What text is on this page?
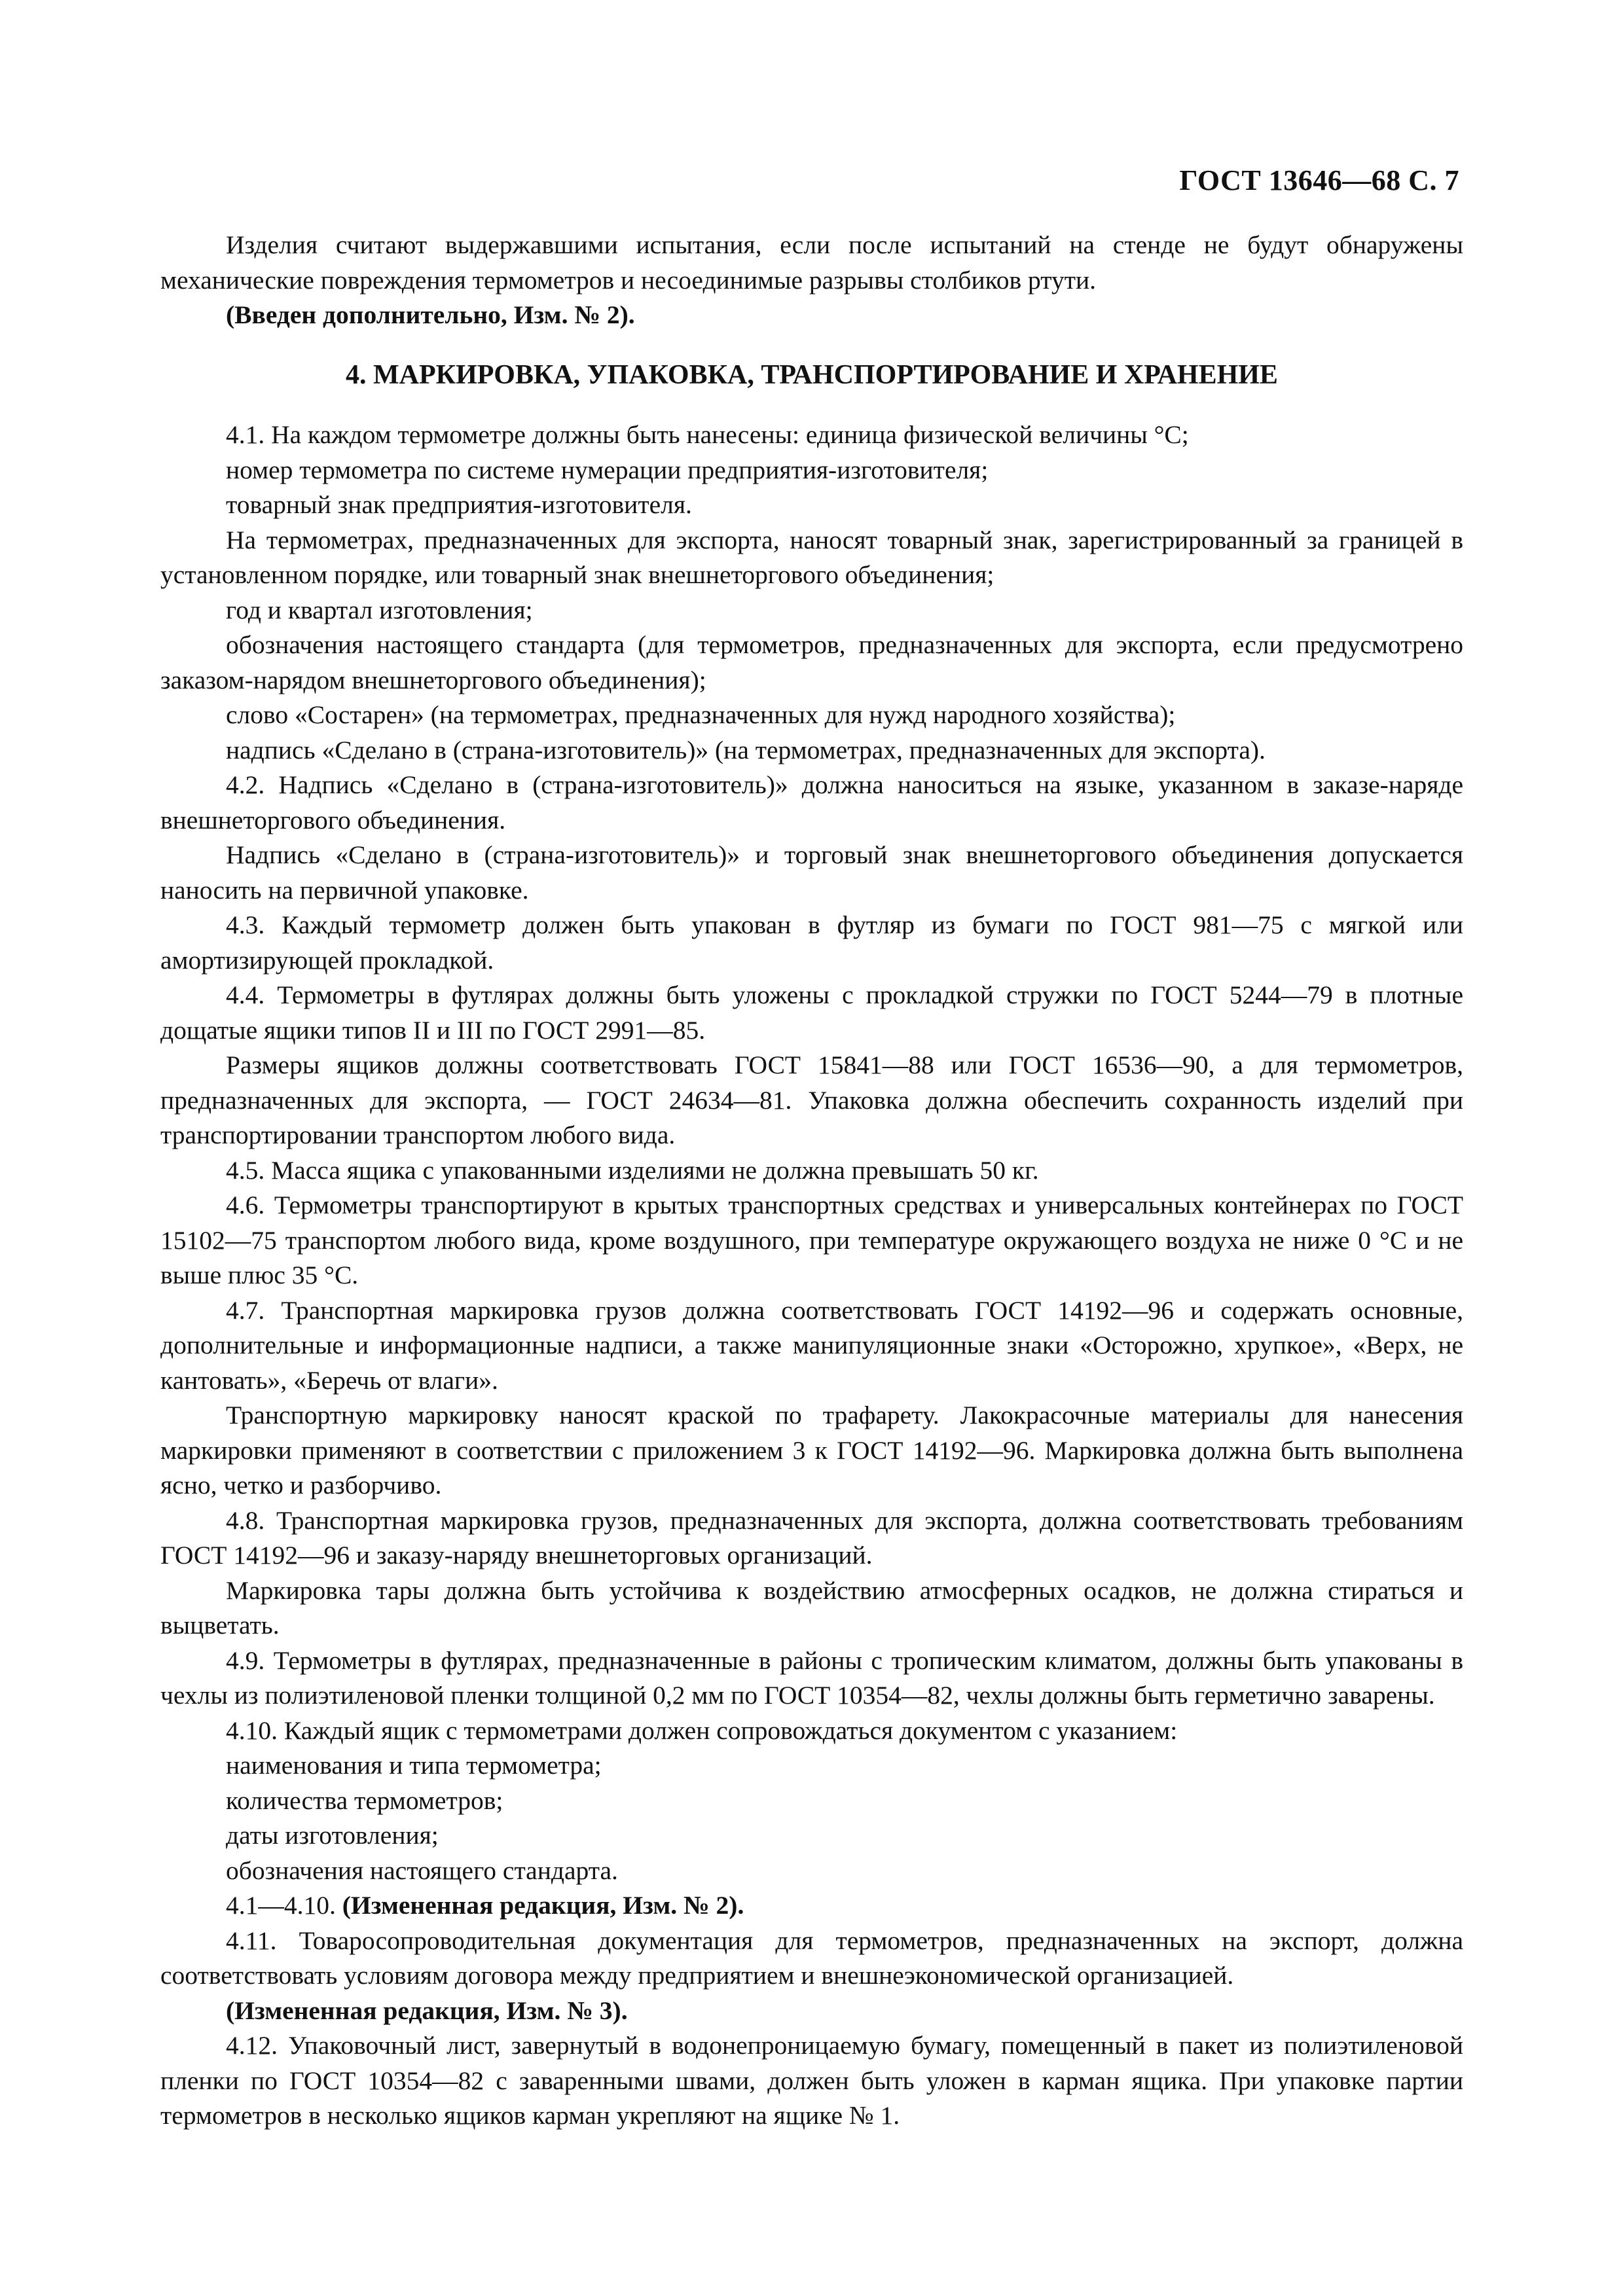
ГОСТ 13646—68 С. 7

Изделия считают выдержавшими испытания, если после испытаний на стенде не будут обнаружены механические повреждения термометров и несоединимые разрывы столбиков ртути.

(Введен дополнительно, Изм. № 2).

4. МАРКИРОВКА, УПАКОВКА, ТРАНСПОРТИРОВАНИЕ И ХРАНЕНИЕ

4.1. На каждом термометре должны быть нанесены: единица физической величины °С;

номер термометра по системе нумерации предприятия-изготовителя;

товарный знак предприятия-изготовителя.

На термометрах, предназначенных для экспорта, наносят товарный знак, зарегистрированный за границей в установленном порядке, или товарный знак внешнеторгового объединения;

год и квартал изготовления;

обозначения настоящего стандарта (для термометров, предназначенных для экспорта, если предусмотрено заказом-нарядом внешнеторгового объединения);

слово «Состарен» (на термометрах, предназначенных для нужд народного хозяйства);

надпись «Сделано в (страна-изготовитель)» (на термометрах, предназначенных для экспорта).

4.2. Надпись «Сделано в (страна-изготовитель)» должна наноситься на языке, указанном в заказе-наряде внешнеторгового объединения.

Надпись «Сделано в (страна-изготовитель)» и торговый знак внешнеторгового объединения допускается наносить на первичной упаковке.

4.3. Каждый термометр должен быть упакован в футляр из бумаги по ГОСТ 981—75 с мягкой или амортизирующей прокладкой.

4.4. Термометры в футлярах должны быть уложены с прокладкой стружки по ГОСТ 5244—79 в плотные дощатые ящики типов II и III по ГОСТ 2991—85.

Размеры ящиков должны соответствовать ГОСТ 15841—88 или ГОСТ 16536—90, а для термометров, предназначенных для экспорта, — ГОСТ 24634—81. Упаковка должна обеспечить сохранность изделий при транспортировании транспортом любого вида.

4.5. Масса ящика с упакованными изделиями не должна превышать 50 кг.

4.6. Термометры транспортируют в крытых транспортных средствах и универсальных контейнерах по ГОСТ 15102—75 транспортом любого вида, кроме воздушного, при температуре окружающего воздуха не ниже 0 °С и не выше плюс 35 °С.

4.7. Транспортная маркировка грузов должна соответствовать ГОСТ 14192—96 и содержать основные, дополнительные и информационные надписи, а также манипуляционные знаки «Осторожно, хрупкое», «Верх, не кантовать», «Беречь от влаги».

Транспортную маркировку наносят краской по трафарету. Лакокрасочные материалы для нанесения маркировки применяют в соответствии с приложением 3 к ГОСТ 14192—96. Маркировка должна быть выполнена ясно, четко и разборчиво.

4.8. Транспортная маркировка грузов, предназначенных для экспорта, должна соответствовать требованиям ГОСТ 14192—96 и заказу-наряду внешнеторговых организаций.

Маркировка тары должна быть устойчива к воздействию атмосферных осадков, не должна стираться и выцветать.

4.9. Термометры в футлярах, предназначенные в районы с тропическим климатом, должны быть упакованы в чехлы из полиэтиленовой пленки толщиной 0,2 мм по ГОСТ 10354—82, чехлы должны быть герметично заварены.

4.10. Каждый ящик с термометрами должен сопровождаться документом с указанием:

наименования и типа термометра;

количества термометров;

даты изготовления;

обозначения настоящего стандарта.

4.1—4.10. (Измененная редакция, Изм. № 2).

4.11. Товаросопроводительная документация для термометров, предназначенных на экспорт, должна соответствовать условиям договора между предприятием и внешнеэкономической организацией.

(Измененная редакция, Изм. № 3).

4.12. Упаковочный лист, завернутый в водонепроницаемую бумагу, помещенный в пакет из полиэтиленовой пленки по ГОСТ 10354—82 с заваренными швами, должен быть уложен в карман ящика. При упаковке партии термометров в несколько ящиков карман укрепляют на ящике № 1.
